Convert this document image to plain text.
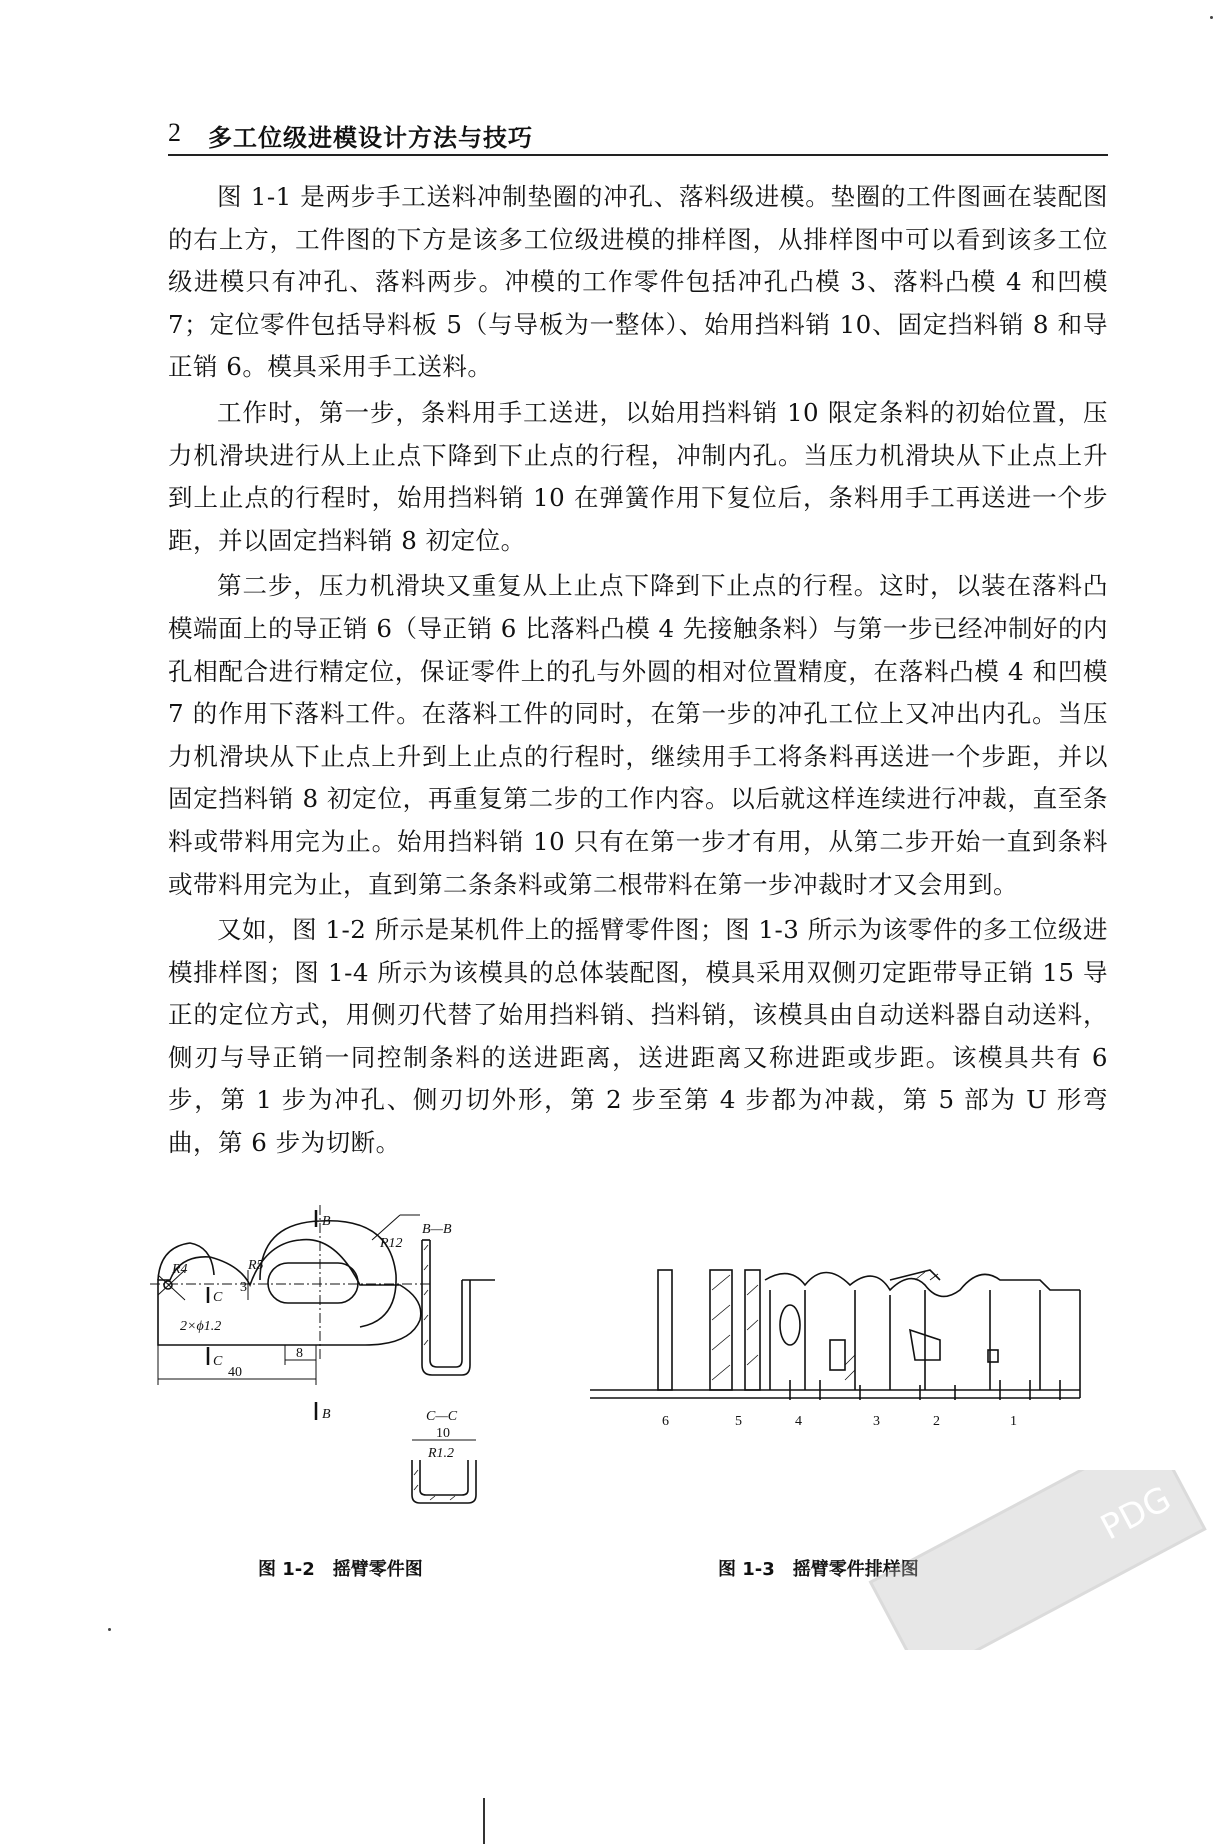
2 多工位级进模设计方法与技巧

图 1-1 是两步手工送料冲制垫圈的冲孔、落料级进模。垫圈的工件图画在装配图的右上方，工件图的下方是该多工位级进模的排样图，从排样图中可以看到该多工位级进模只有冲孔、落料两步。冲模的工作零件包括冲孔凸模 3、落料凸模 4 和凹模 7；定位零件包括导料板 5（与导板为一整体）、始用挡料销 10、固定挡料销 8 和导正销 6。模具采用手工送料。

工作时，第一步，条料用手工送进，以始用挡料销 10 限定条料的初始位置，压力机滑块进行从上止点下降到下止点的行程，冲制内孔。当压力机滑块从下止点上升到上止点的行程时，始用挡料销 10 在弹簧作用下复位后，条料用手工再送进一个步距，并以固定挡料销 8 初定位。

第二步，压力机滑块又重复从上止点下降到下止点的行程。这时，以装在落料凸模端面上的导正销 6（导正销 6 比落料凸模 4 先接触条料）与第一步已经冲制好的内孔相配合进行精定位，保证零件上的孔与外圆的相对位置精度，在落料凸模 4 和凹模 7 的作用下落料工件。在落料工件的同时，在第一步的冲孔工位上又冲出内孔。当压力机滑块从下止点上升到上止点的行程时，继续用手工将条料再送进一个步距，并以固定挡料销 8 初定位，再重复第二步的工作内容。以后就这样连续进行冲裁，直至条料或带料用完为止。始用挡料销 10 只有在第一步才有用，从第二步开始一直到条料或带料用完为止，直到第二条条料或第二根带料在第一步冲裁时才又会用到。

又如，图 1-2 所示是某机件上的摇臂零件图；图 1-3 所示为该零件的多工位级进模排样图；图 1-4 所示为该模具的总体装配图，模具采用双侧刃定距带导正销 15 导正的定位方式，用侧刃代替了始用挡料销、挡料销，该模具由自动送料器自动送料，侧刃与导正销一同控制条料的送进距离，送进距离又称进距或步距。该模具共有 6 步，第 1 步为冲孔、侧刃切外形，第 2 步至第 4 步都为冲裁，第 5 部为 U 形弯曲，第 6 步为切断。

B
B
C
C
R4	R5
R12
2×ϕ1.2
3
8
40
B—B
C—C
10
R1.2
图 1-2　摇臂零件图
6	5	4	3	2	1
图 1-3　摇臂零件排样图
PDG
